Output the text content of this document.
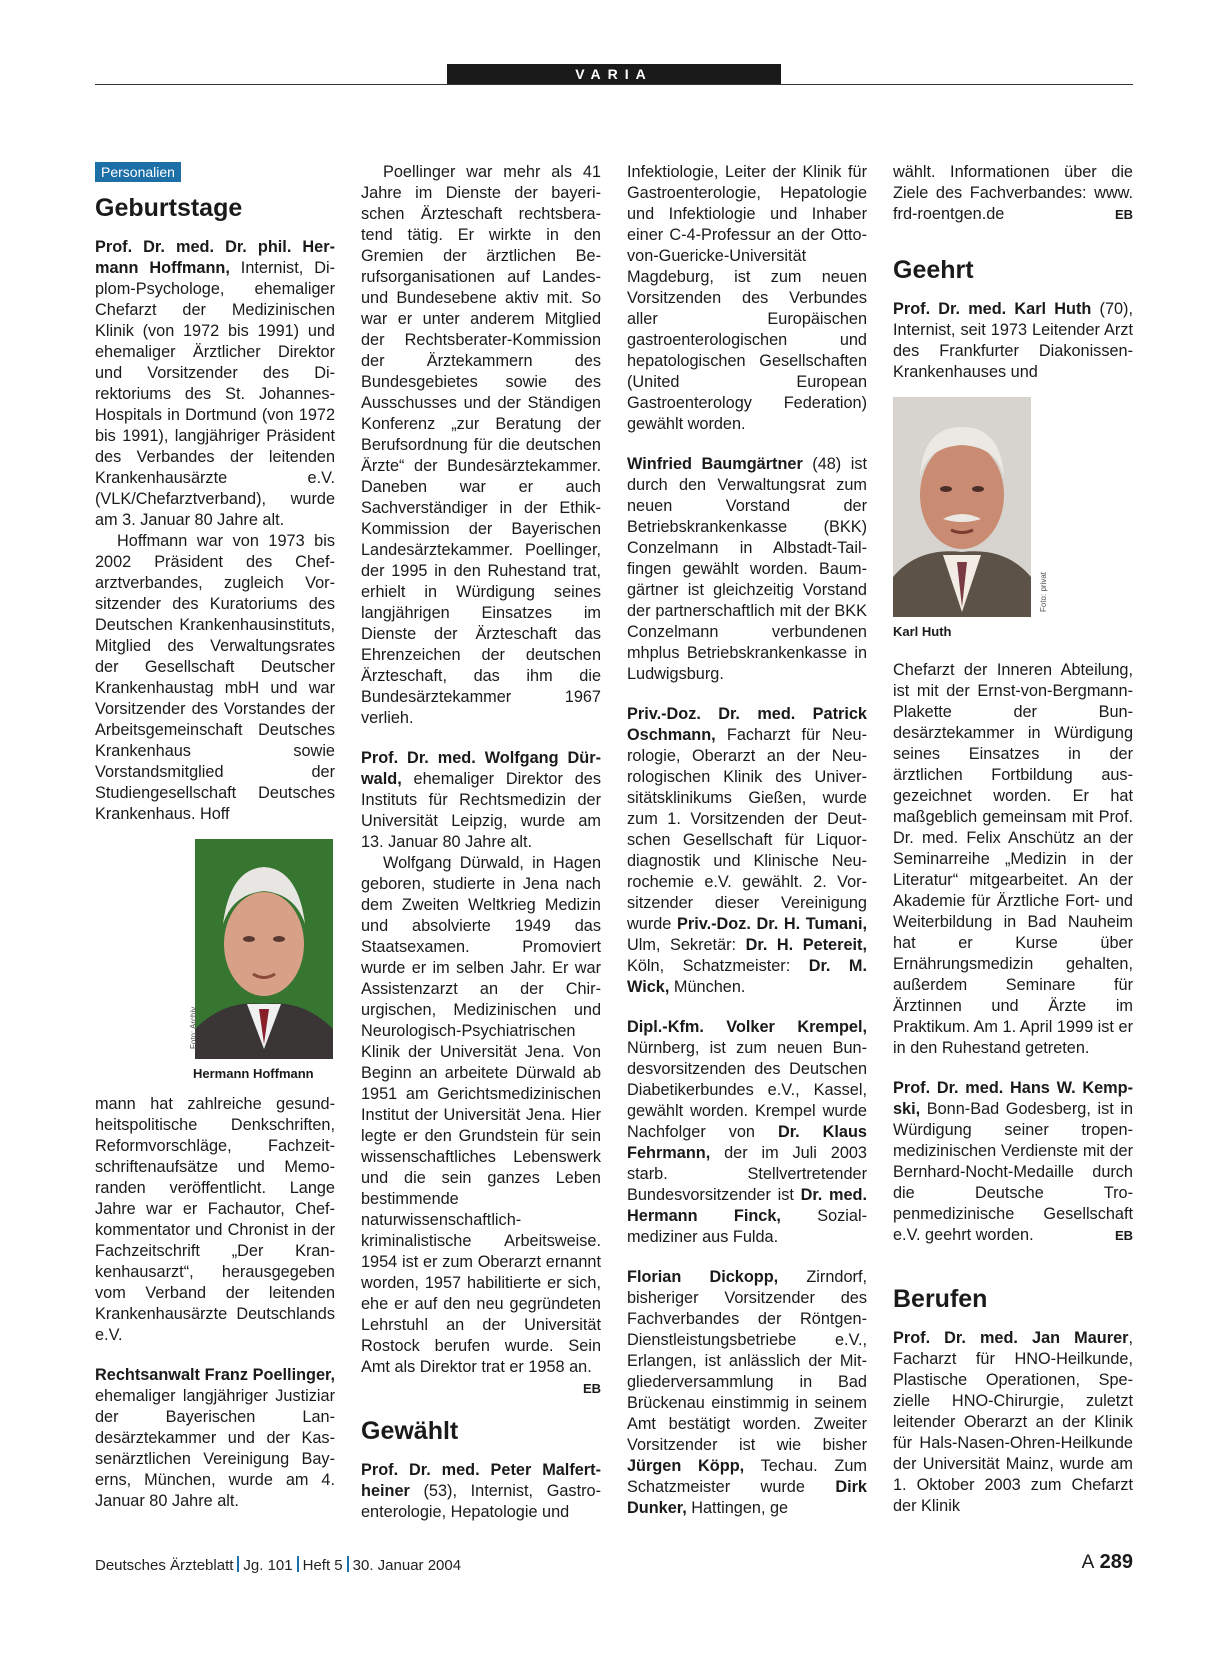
VARIA
Personalien
Geburtstage

Prof. Dr. med. Dr. phil. Hermann Hoffmann, Internist, Diplom-Psychologe, ehemaliger Chefarzt der Medizinischen Klinik (von 1972 bis 1991) und ehemaliger Ärztlicher Direktor und Vorsitzender des Direktoriums des St. Johannes-Hospitals in Dortmund (von 1972 bis 1991), langjähriger Präsident des Verbandes der leitenden Krankenhausärzte e.V. (VLK/Chefarztverband), wurde am 3. Januar 80 Jahre alt.

Hoffmann war von 1973 bis 2002 Präsident des Chefarztverbandes, zugleich Vorsitzender des Kuratoriums des Deutschen Krankenhausinstituts, Mitglied des Verwaltungsrates der Gesellschaft Deutscher Krankenhaustag mbH und war Vorsitzender des Vorstandes der Arbeitsgemeinschaft Deutsches Krankenhaus sowie Vorstandsmitglied der Studiengesellschaft Deutsches Krankenhaus. Hoff

Foto: Archiv
Hermann Hoffmann

mann hat zahlreiche gesundheitspolitische Denkschriften, Reformvorschläge, Fachzeitschriftenaufsätze und Memoranden veröffentlicht. Lange Jahre war er Fachautor, Chefkommentator und Chronist in der Fachzeitschrift „Der Krankenhausarzt“, herausgegeben vom Verband der leitenden Krankenhausärzte Deutschlands e.V.

Rechtsanwalt Franz Poellinger, ehemaliger langjähriger Justiziar der Bayerischen Landesärztekammer und der Kassenärztlichen Vereinigung Bayerns, München, wurde am 4. Januar 80 Jahre alt.

Poellinger war mehr als 41 Jahre im Dienste der bayerischen Ärzteschaft rechtsberatend tätig. Er wirkte in den Gremien der ärztlichen Berufsorganisationen auf Landes- und Bundesebene aktiv mit. So war er unter anderem Mitglied der Rechtsberater-Kommission der Ärztekammern des Bundesgebietes sowie des Ausschusses und der Ständigen Konferenz „zur Beratung der Berufsordnung für die deutschen Ärzte“ der Bundesärztekammer. Daneben war er auch Sachverständiger in der Ethik-Kommission der Bayerischen Landesärztekammer. Poellinger, der 1995 in den Ruhestand trat, erhielt in Würdigung seines langjährigen Einsatzes im Dienste der Ärzteschaft das Ehrenzeichen der deutschen Ärzteschaft, das ihm die Bundesärztekammer 1967 verlieh.

Prof. Dr. med. Wolfgang Dürwald, ehemaliger Direktor des Instituts für Rechtsmedizin der Universität Leipzig, wurde am 13. Januar 80 Jahre alt.

Wolfgang Dürwald, in Hagen geboren, studierte in Jena nach dem Zweiten Weltkrieg Medizin und absolvierte 1949 das Staatsexamen. Promoviert wurde er im selben Jahr. Er war Assistenzarzt an der Chirurgischen, Medizinischen und Neurologisch-Psychiatrischen Klinik der Universität Jena. Von Beginn an arbeitete Dürwald ab 1951 am Gerichtsmedizinischen Institut der Universität Jena. Hier legte er den Grundstein für sein wissenschaftliches Lebenswerk und die sein ganzes Leben bestimmende naturwissenschaftlich-kriminalistische Arbeitsweise. 1954 ist er zum Oberarzt ernannt worden, 1957 habilitierte er sich, ehe er auf den neu gegründeten Lehrstuhl an der Universität Rostock berufen wurde. Sein Amt als Direktor trat er 1958 an.
EB

Gewählt

Prof. Dr. med. Peter Malfertheiner (53), Internist, Gastroenterologie, Hepatologie und

Infektiologie, Leiter der Klinik für Gastroenterologie, Hepatologie und Infektiologie und Inhaber einer C-4-Professur an der Otto-von-Guericke-Universität Magdeburg, ist zum neuen Vorsitzenden des Verbundes aller Europäischen gastroenterologischen und hepatologischen Gesellschaften (United European Gastroenterology Federation) gewählt worden.

Winfried Baumgärtner (48) ist durch den Verwaltungsrat zum neuen Vorstand der Betriebskrankenkasse (BKK) Conzelmann in Albstadt-Tailfingen gewählt worden. Baumgärtner ist gleichzeitig Vorstand der partnerschaftlich mit der BKK Conzelmann verbundenen mhplus Betriebskrankenkasse in Ludwigsburg.

Priv.-Doz. Dr. med. Patrick Oschmann, Facharzt für Neurologie, Oberarzt an der Neurologischen Klinik des Universitätsklinikums Gießen, wurde zum 1. Vorsitzenden der Deutschen Gesellschaft für Liquordiagnostik und Klinische Neurochemie e.V. gewählt. 2. Vorsitzender dieser Vereinigung wurde Priv.-Doz. Dr. H. Tumani, Ulm, Sekretär: Dr. H. Petereit, Köln, Schatzmeister: Dr. M. Wick, München.

Dipl.-Kfm. Volker Krempel, Nürnberg, ist zum neuen Bundesvorsitzenden des Deutschen Diabetikerbundes e.V., Kassel, gewählt worden. Krempel wurde Nachfolger von Dr. Klaus Fehrmann, der im Juli 2003 starb. Stellvertretender Bundesvorsitzender ist Dr. med. Hermann Finck, Sozialmediziner aus Fulda.

Florian Dickopp, Zirndorf, bisheriger Vorsitzender des Fachverbandes der Röntgen-Dienstleistungsbetriebe e.V., Erlangen, ist anlässlich der Mitgliederversammlung in Bad Brückenau einstimmig in seinem Amt bestätigt worden. Zweiter Vorsitzender ist wie bisher Jürgen Köpp, Techau. Zum Schatzmeister wurde Dirk Dunker, Hattingen, ge

wählt. Informationen über die Ziele des Fachverbandes: www. frd-roentgen.de	EB

Geehrt

Prof. Dr. med. Karl Huth (70), Internist, seit 1973 Leitender Arzt des Frankfurter Diakonissen-Krankenhauses und

Foto: privat
Karl Huth

Chefarzt der Inneren Abteilung, ist mit der Ernst-von-Bergmann-Plakette der Bundesärztekammer in Würdigung seines Einsatzes in der ärztlichen Fortbildung ausgezeichnet worden. Er hat maßgeblich gemeinsam mit Prof. Dr. med. Felix Anschütz an der Seminarreihe „Medizin in der Literatur“ mitgearbeitet. An der Akademie für Ärztliche Fort- und Weiterbildung in Bad Nauheim hat er Kurse über Ernährungsmedizin gehalten, außerdem Seminare für Ärztinnen und Ärzte im Praktikum. Am 1. April 1999 ist er in den Ruhestand getreten.

Prof. Dr. med. Hans W. Kempski, Bonn-Bad Godesberg, ist in Würdigung seiner tropenmedizinischen Verdienste mit der Bernhard-Nocht-Medaille durch die Deutsche Tropenmedizinische Gesellschaft e.V. geehrt worden.	EB

Berufen

Prof. Dr. med. Jan Maurer, Facharzt für HNO-Heilkunde, Plastische Operationen, Spezielle HNO-Chirurgie, zuletzt leitender Oberarzt an der Klinik für Hals-Nasen-Ohren-Heilkunde der Universität Mainz, wurde am 1. Oktober 2003 zum Chefarzt der Klinik

Deutsches Ärzteblatt Jg. 101 Heft 5 30. Januar 2004	A 289
